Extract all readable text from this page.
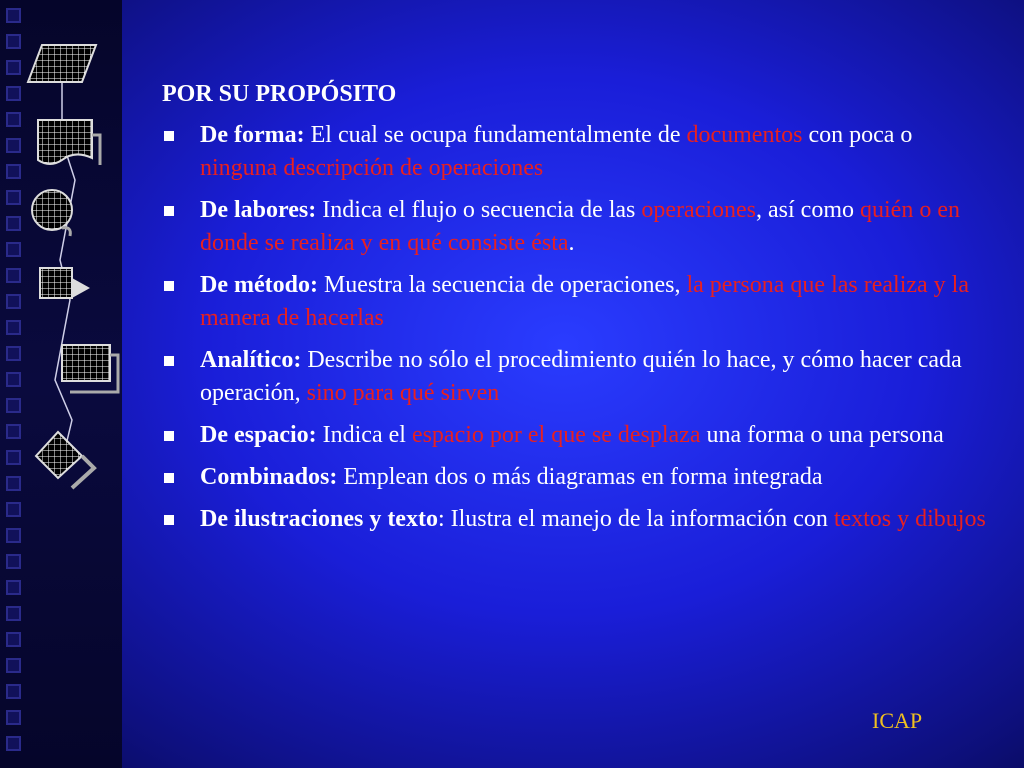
POR SU PROPÓSITO
De forma: El cual se ocupa fundamentalmente de documentos con poca o ninguna descripción de operaciones
De labores: Indica el flujo o secuencia de las operaciones, así como quién o en donde se realiza y en qué consiste ésta.
De método: Muestra la secuencia de operaciones, la persona que las realiza y la manera de hacerlas
Analítico: Describe no sólo el procedimiento quién lo hace, y cómo hacer cada operación, sino para qué sirven
De espacio: Indica el espacio por el que se desplaza una forma o una persona
Combinados: Emplean dos o más diagramas en forma integrada
De ilustraciones y texto: Ilustra el manejo de la información con textos y dibujos
ICAP
